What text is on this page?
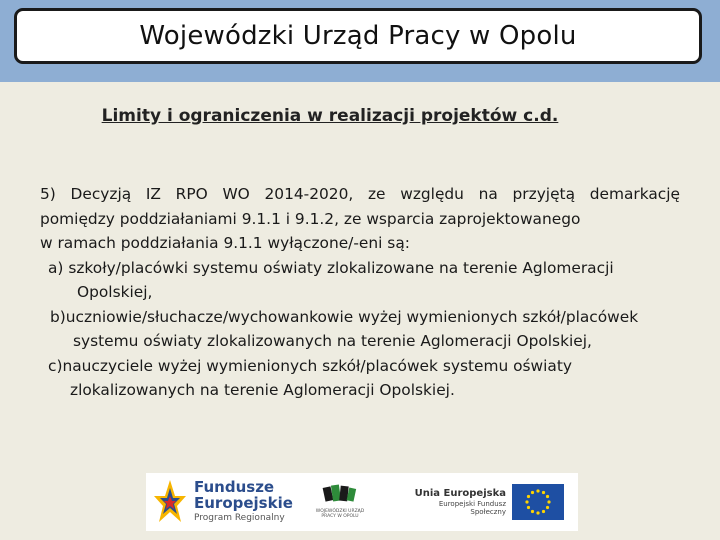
Wojewódzki Urząd Pracy w Opolu
Limity i ograniczenia w realizacji projektów c.d.

5) Decyzją IZ RPO WO 2014-2020, ze względu na przyjętą demarkację
pomiędzy poddziałaniami 9.1.1 i 9.1.2, ze wsparcia zaprojektowanego
w ramach poddziałania 9.1.1 wyłączone/-eni są:

a) szkoły/placówki systemu oświaty zlokalizowane na terenie Aglomeracji
Opolskiej,

b)uczniowie/słuchacze/wychowankowie wyżej wymienionych szkół/placówek
systemu oświaty zlokalizowanych na terenie Aglomeracji Opolskiej,

c)nauczyciele wyżej wymienionych szkół/placówek systemu oświaty
zlokalizowanych na terenie Aglomeracji Opolskiej.

Fundusze
Europejskie
Program Regionalny
WOJEWÓDZKI URZĄD PRACY W OPOLU
Unia Europejska
Europejski Fundusz Społeczny
